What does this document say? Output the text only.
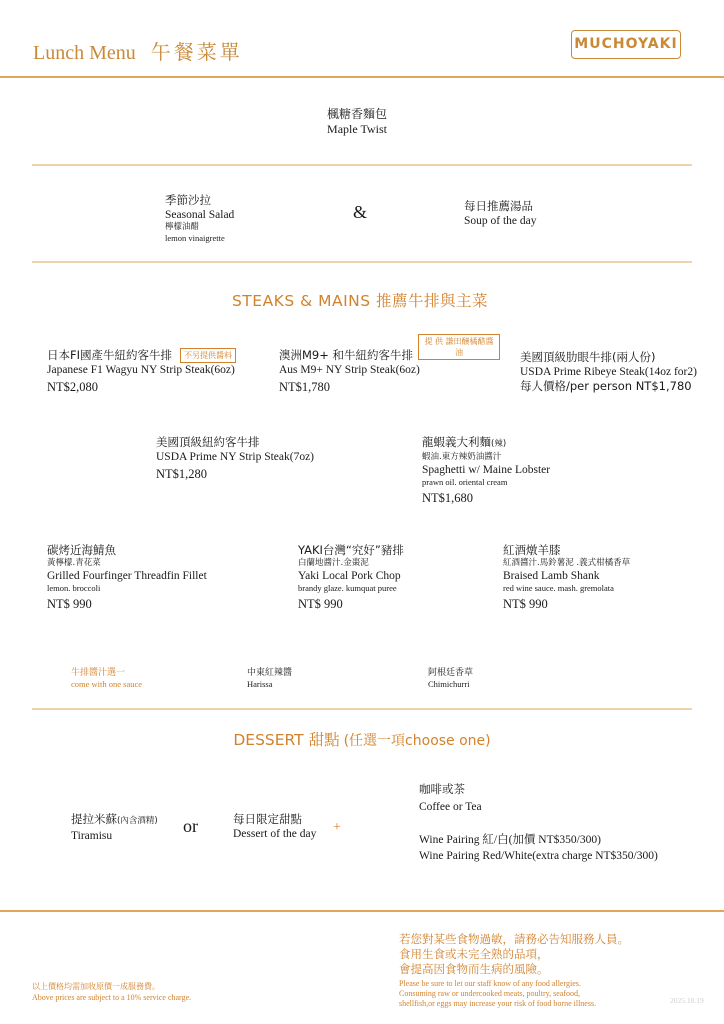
Lunch Menu 午餐菜單	MUCHOYAKI
楓糖香麵包
Maple Twist
季節沙拉
Seasonal Salad
檸檬油醋
lemon vinaigrette
&	每日推薦湯品
Soup of the day
STEAKS & MAINS 推薦牛排與主菜
日本FI國產牛紐約客牛排 不另提供醬料
Japanese F1 Wagyu NY Strip Steak(6oz)
NT$2,080
提 供 謙田醸橘醋醬油
澳洲M9+ 和牛紐約客牛排
Aus M9+ NY Strip Steak(6oz)
NT$1,780
美國頂級肋眼牛排(兩人份)
USDA Prime Ribeye Steak(14oz for2)
每人價格/per person NT$1,780
美國頂級紐約客牛排
USDA Prime NY Strip Steak(7oz)
NT$1,280
龍蝦義大利麵(辣)
蝦油.東方辣奶油醬汁
Spaghetti w/ Maine Lobster
prawn oil. oriental cream
NT$1,680
碳烤近海鯖魚
黃檸檬.青花菜
Grilled Fourfinger Threadfin Fillet
lemon. broccoli
NT$ 990
YAKI台灣“究好”豬排
白蘭地醬汁.金棗泥
Yaki Local Pork Chop
brandy glaze. kumquat puree
NT$ 990
紅酒燉羊膝
紅酒醬汁.馬鈴薯泥 .義式柑橘香草
Braised Lamb Shank
red wine sauce. mash. gremolata
NT$ 990
牛排醬汁選一
come with one sauce
中東紅辣醬
Harissa
阿根廷香草
Chimichurri
DESSERT 甜點 (任選一項choose one)
提拉米蘇(內含酒精)
Tiramisu	or	每日限定甜點
Dessert of the day +
咖啡或茶
Coffee or Tea
Wine Pairing 紅/白(加價 NT$350/300)
Wine Pairing Red/White(extra charge NT$350/300)
若您對某些食物過敏，請務必告知服務人員。
食用生食或未完全熟的品項，
會提高因食物而生病的風險。
Please be sure to let our staff know of any food allergies.
Consuming raw or undercooked meats, poultry, seafood,
shellfish,or eggs may increase your risk of food borne illness.
以上價格均需加收原價一成服務費。
Above prices are subject to a 10% service charge.	2025.10.19
